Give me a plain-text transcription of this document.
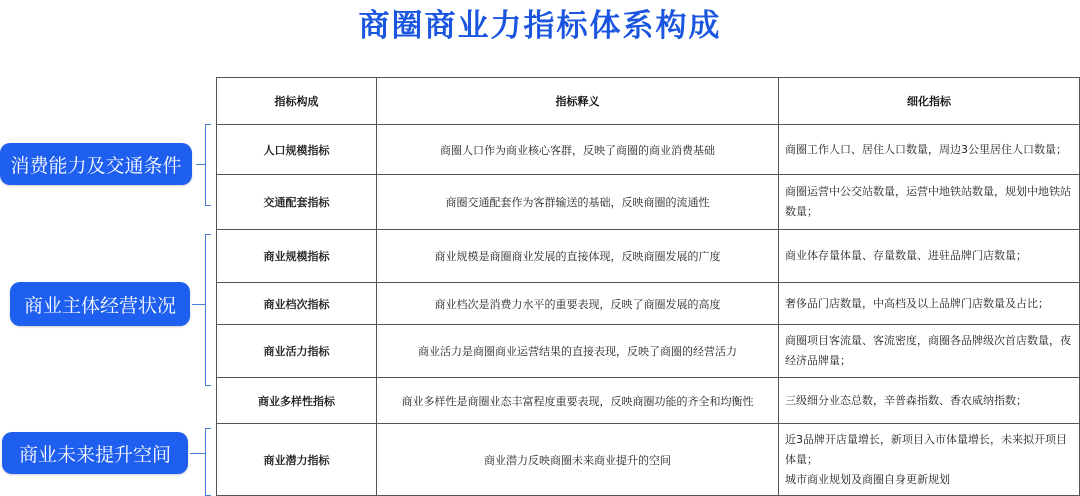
商圈商业力指标体系构成
消费能力及交通条件
商业主体经营状况
商业未来提升空间
指标构成	指标释义	细化指标
人口规模指标	商圈人口作为商业核心客群，反映了商圈的商业消费基础	商圈工作人口、居住人口数量，周边3公里居住人口数量；
交通配套指标	商圈交通配套作为客群输送的基础，反映商圈的流通性	商圈运营中公交站数量，运营中地铁站数量，规划中地铁站数量；
商业规模指标	商业规模是商圈商业发展的直接体现，反映商圈发展的广度	商业体存量体量、存量数量、进驻品牌门店数量；
商业档次指标	商业档次是消费力水平的重要表现，反映了商圈发展的高度	奢侈品门店数量，中高档及以上品牌门店数量及占比；
商业活力指标	商业活力是商圈商业运营结果的直接表现，反映了商圈的经营活力	商圈项目客流量、客流密度，商圈各品牌级次首店数量，夜经济品牌量；
商业多样性指标	商业多样性是商圈业态丰富程度重要表现，反映商圈功能的齐全和均衡性	三级细分业态总数，辛普森指数、香农威纳指数；
商业潜力指标	商业潜力反映商圈未来商业提升的空间	近3品牌开店量增长，新项目入市体量增长，未来拟开项目体量；
城市商业规划及商圈自身更新规划
